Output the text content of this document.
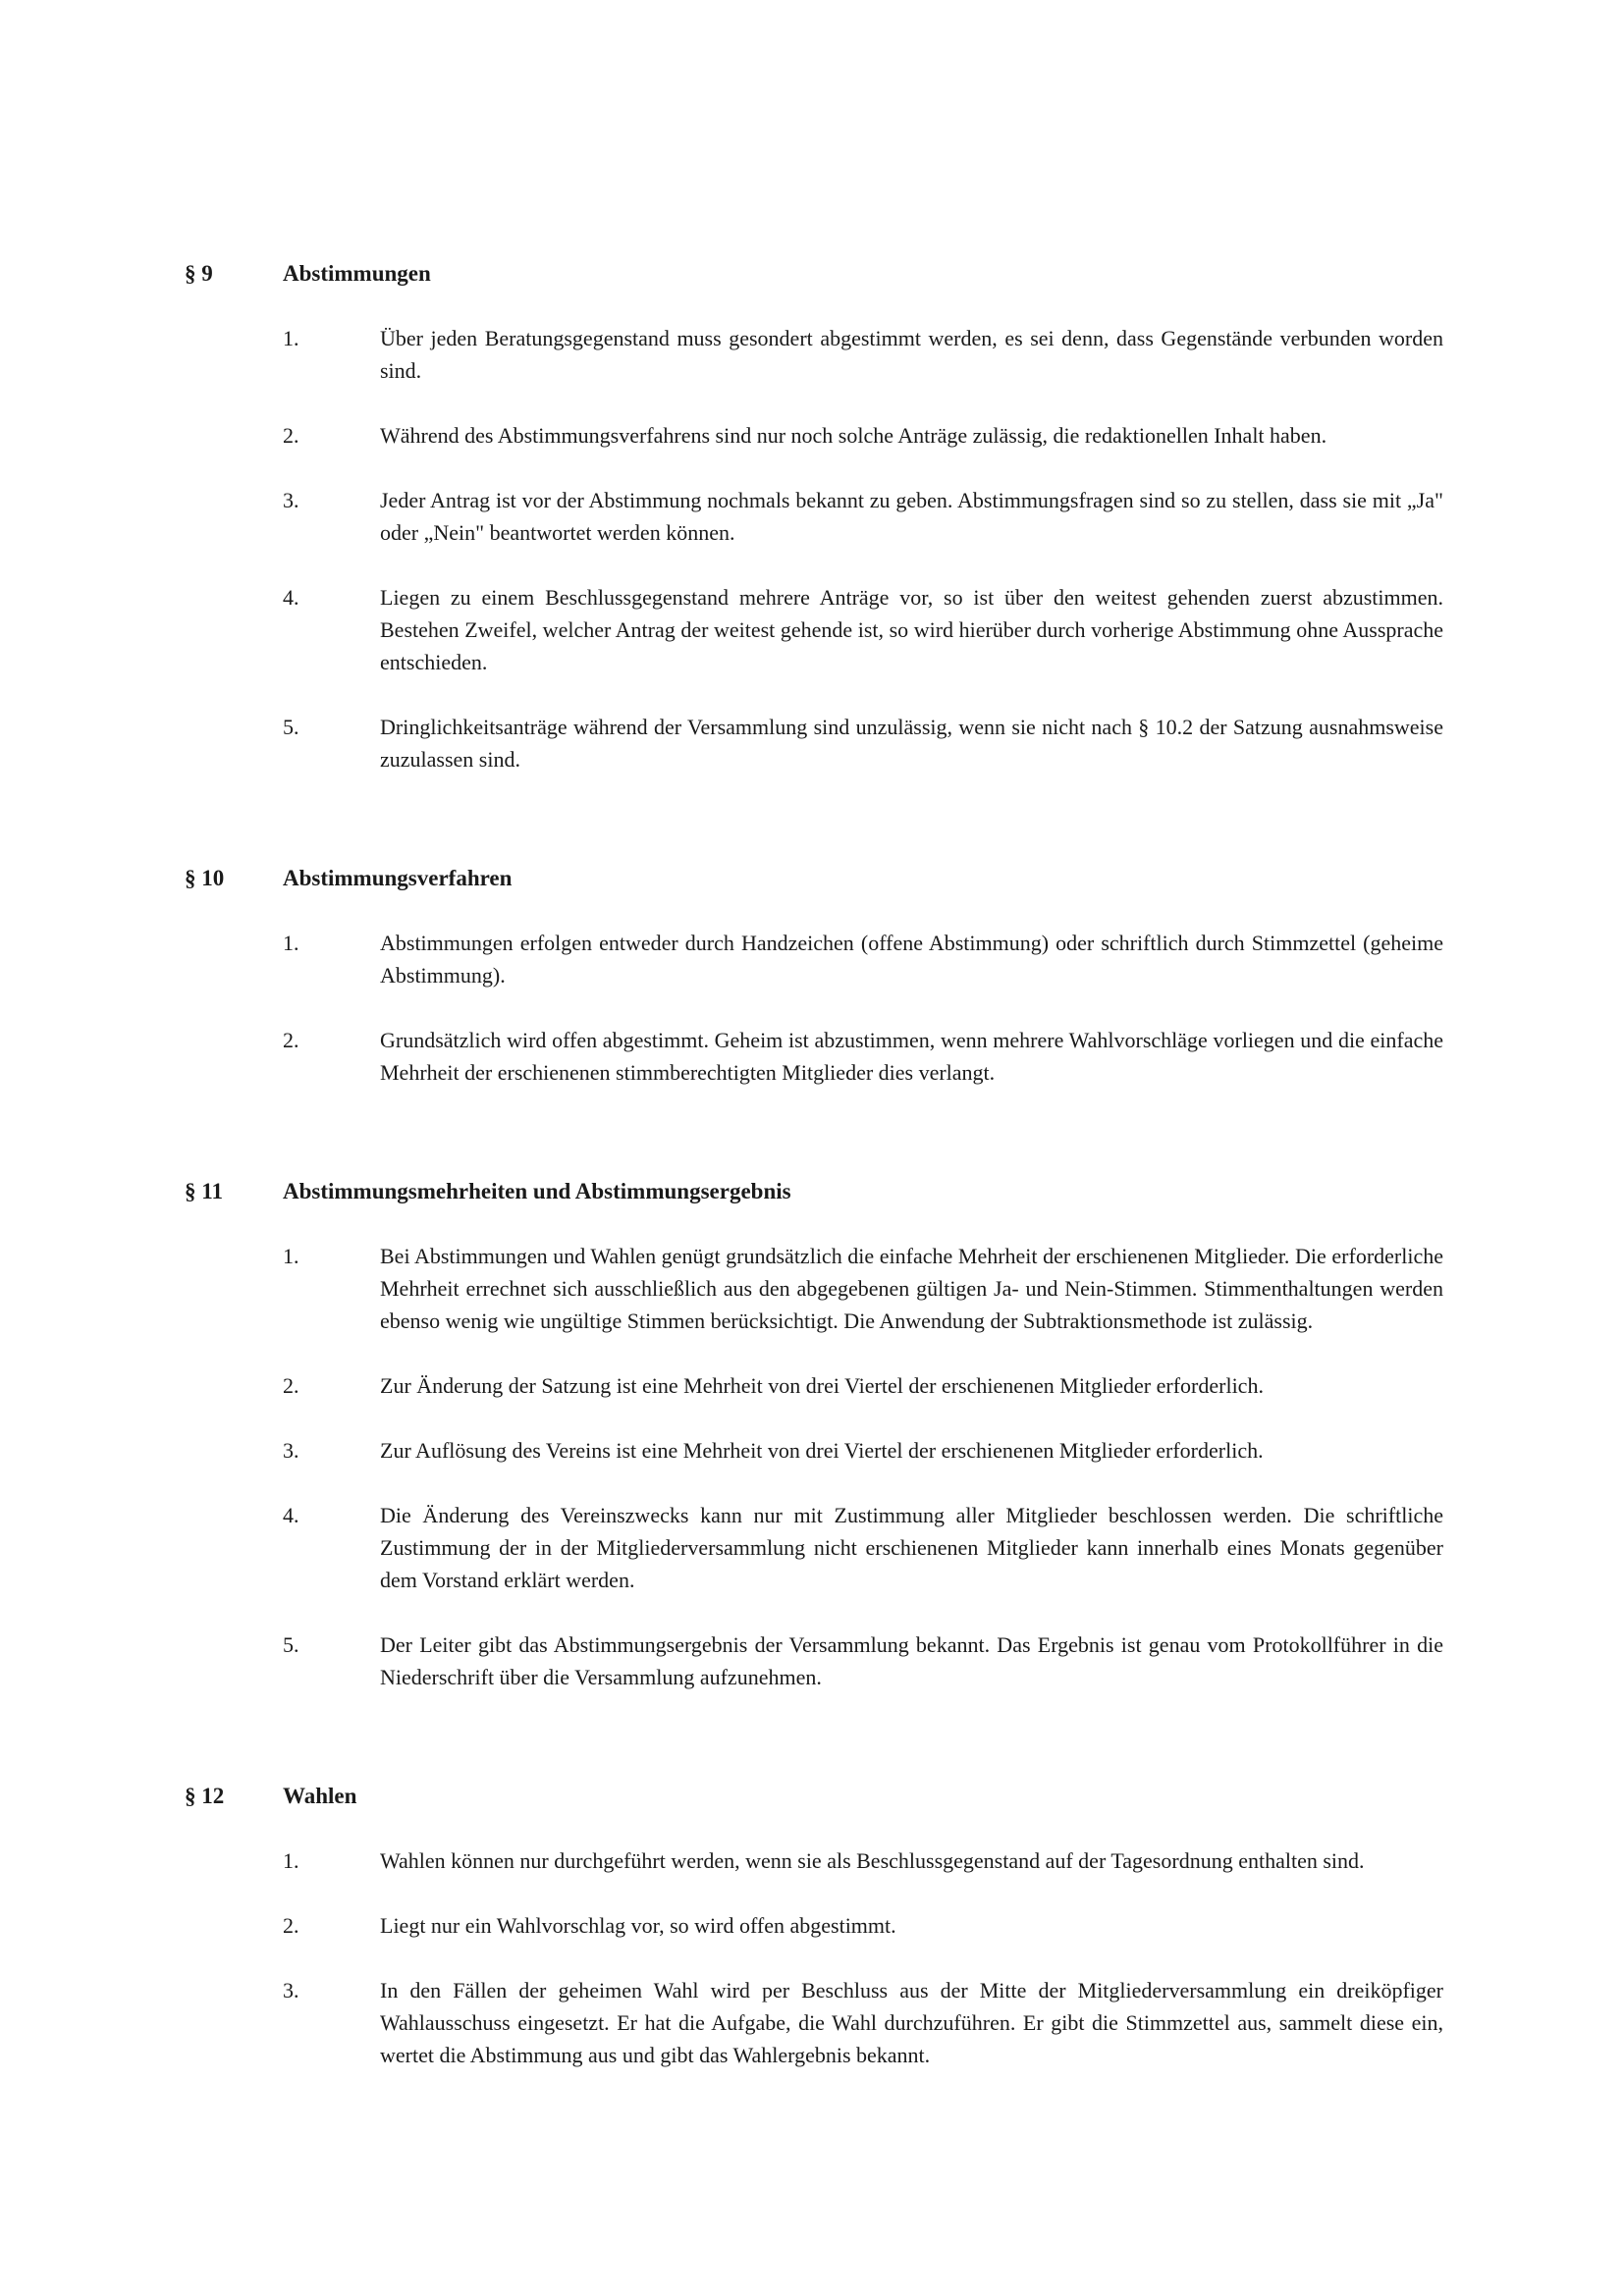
§ 9	Abstimmungen
1.	Über jeden Beratungsgegenstand muss gesondert abgestimmt werden, es sei denn, dass Gegenstände verbunden worden sind.
2.	Während des Abstimmungsverfahrens sind nur noch solche Anträge zulässig, die redaktionellen Inhalt haben.
3.	Jeder Antrag ist vor der Abstimmung nochmals bekannt zu geben. Abstimmungsfragen sind so zu stellen, dass sie mit „Ja" oder „Nein" beantwortet werden können.
4.	Liegen zu einem Beschlussgegenstand mehrere Anträge vor, so ist über den weitest gehenden zuerst abzustimmen. Bestehen Zweifel, welcher Antrag der weitest gehende ist, so wird hierüber durch vorherige Abstimmung ohne Aussprache entschieden.
5.	Dringlichkeitsanträge während der Versammlung sind unzulässig, wenn sie nicht nach § 10.2 der Satzung ausnahmsweise zuzulassen sind.
§ 10	Abstimmungsverfahren
1.	Abstimmungen erfolgen entweder durch Handzeichen (offene Abstimmung) oder schriftlich durch Stimmzettel (geheime Abstimmung).
2.	Grundsätzlich wird offen abgestimmt. Geheim ist abzustimmen, wenn mehrere Wahlvorschläge vorliegen und die einfache Mehrheit der erschienenen stimmberechtigten Mitglieder dies verlangt.
§ 11	Abstimmungsmehrheiten und Abstimmungsergebnis
1.	Bei Abstimmungen und Wahlen genügt grundsätzlich die einfache Mehrheit der erschienenen Mitglieder. Die erforderliche Mehrheit errechnet sich ausschließlich aus den abgegebenen gültigen Ja- und Nein-Stimmen. Stimmenthaltungen werden ebenso wenig wie ungültige Stimmen berücksichtigt. Die Anwendung der Subtraktionsmethode ist zulässig.
2.	Zur Änderung der Satzung ist eine Mehrheit von drei Viertel der erschienenen Mitglieder erforderlich.
3.	Zur Auflösung des Vereins ist eine Mehrheit von drei Viertel der erschienenen Mitglieder erforderlich.
4.	Die Änderung des Vereinszwecks kann nur mit Zustimmung aller Mitglieder beschlossen werden. Die schriftliche Zustimmung der in der Mitgliederversammlung nicht erschienenen Mitglieder kann innerhalb eines Monats gegenüber dem Vorstand erklärt werden.
5.	Der Leiter gibt das Abstimmungsergebnis der Versammlung bekannt. Das Ergebnis ist genau vom Protokollführer in die Niederschrift über die Versammlung aufzunehmen.
§ 12	Wahlen
1.	Wahlen können nur durchgeführt werden, wenn sie als Beschlussgegenstand auf der Tagesordnung enthalten sind.
2.	Liegt nur ein Wahlvorschlag vor, so wird offen abgestimmt.
3.	In den Fällen der geheimen Wahl wird per Beschluss aus der Mitte der Mitgliederversammlung ein dreiköpfiger Wahlausschuss eingesetzt. Er hat die Aufgabe, die Wahl durchzuführen. Er gibt die Stimmzettel aus, sammelt diese ein, wertet die Abstimmung aus und gibt das Wahlergebnis bekannt.
